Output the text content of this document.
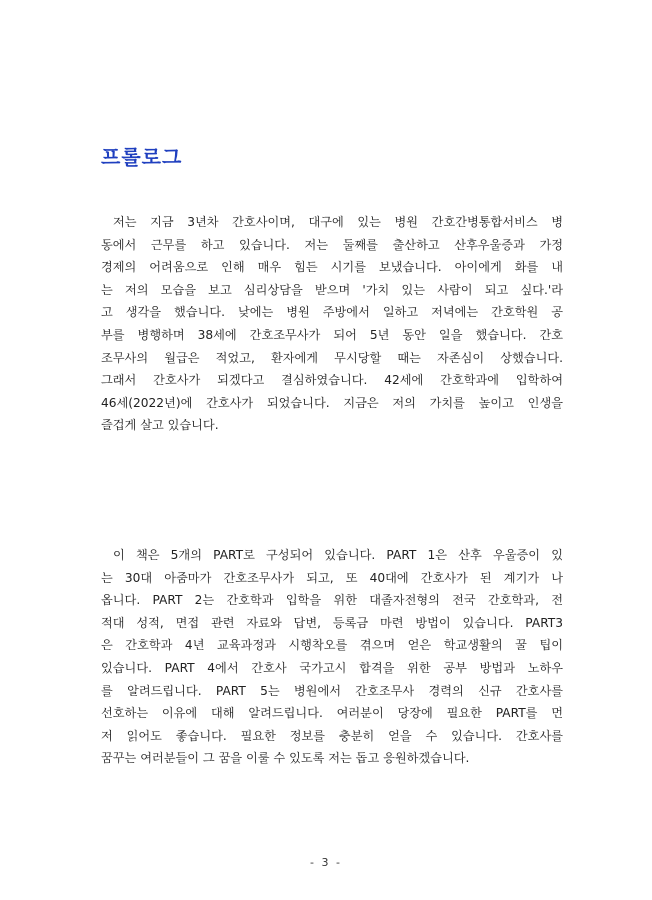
프롤로그

저는 지금 3년차 간호사이며, 대구에 있는 병원 간호간병통합서비스 병
동에서 근무를 하고 있습니다. 저는 둘째를 출산하고 산후우울증과 가정
경제의 어려움으로 인해 매우 힘든 시기를 보냈습니다. 아이에게 화를 내
는 저의 모습을 보고 심리상담을 받으며 '가치 있는 사람이 되고 싶다.'라
고 생각을 했습니다. 낮에는 병원 주방에서 일하고 저녁에는 간호학원 공
부를 병행하며 38세에 간호조무사가 되어 5년 동안 일을 했습니다. 간호
조무사의 월급은 적었고, 환자에게 무시당할 때는 자존심이 상했습니다.
그래서 간호사가 되겠다고 결심하였습니다. 42세에 간호학과에 입학하여
46세(2022년)에 간호사가 되었습니다. 지금은 저의 가치를 높이고 인생을
즐겁게 살고 있습니다.

이 책은 5개의 PART로 구성되어 있습니다. PART 1은 산후 우울증이 있
는 30대 아줌마가 간호조무사가 되고, 또 40대에 간호사가 된 계기가 나
옵니다. PART 2는 간호학과 입학을 위한 대졸자전형의 전국 간호학과, 전
적대 성적, 면접 관련 자료와 답변, 등록금 마련 방법이 있습니다. PART3
은 간호학과 4년 교육과정과 시행착오를 겪으며 얻은 학교생활의 꿀 팁이
있습니다. PART 4에서 간호사 국가고시 합격을 위한 공부 방법과 노하우
를 알려드립니다. PART 5는 병원에서 간호조무사 경력의 신규 간호사를
선호하는 이유에 대해 알려드립니다. 여러분이 당장에 필요한 PART를 먼
저 읽어도 좋습니다. 필요한 정보를 충분히 얻을 수 있습니다. 간호사를
꿈꾸는 여러분들이 그 꿈을 이룰 수 있도록 저는 돕고 응원하겠습니다.

- 3 -
